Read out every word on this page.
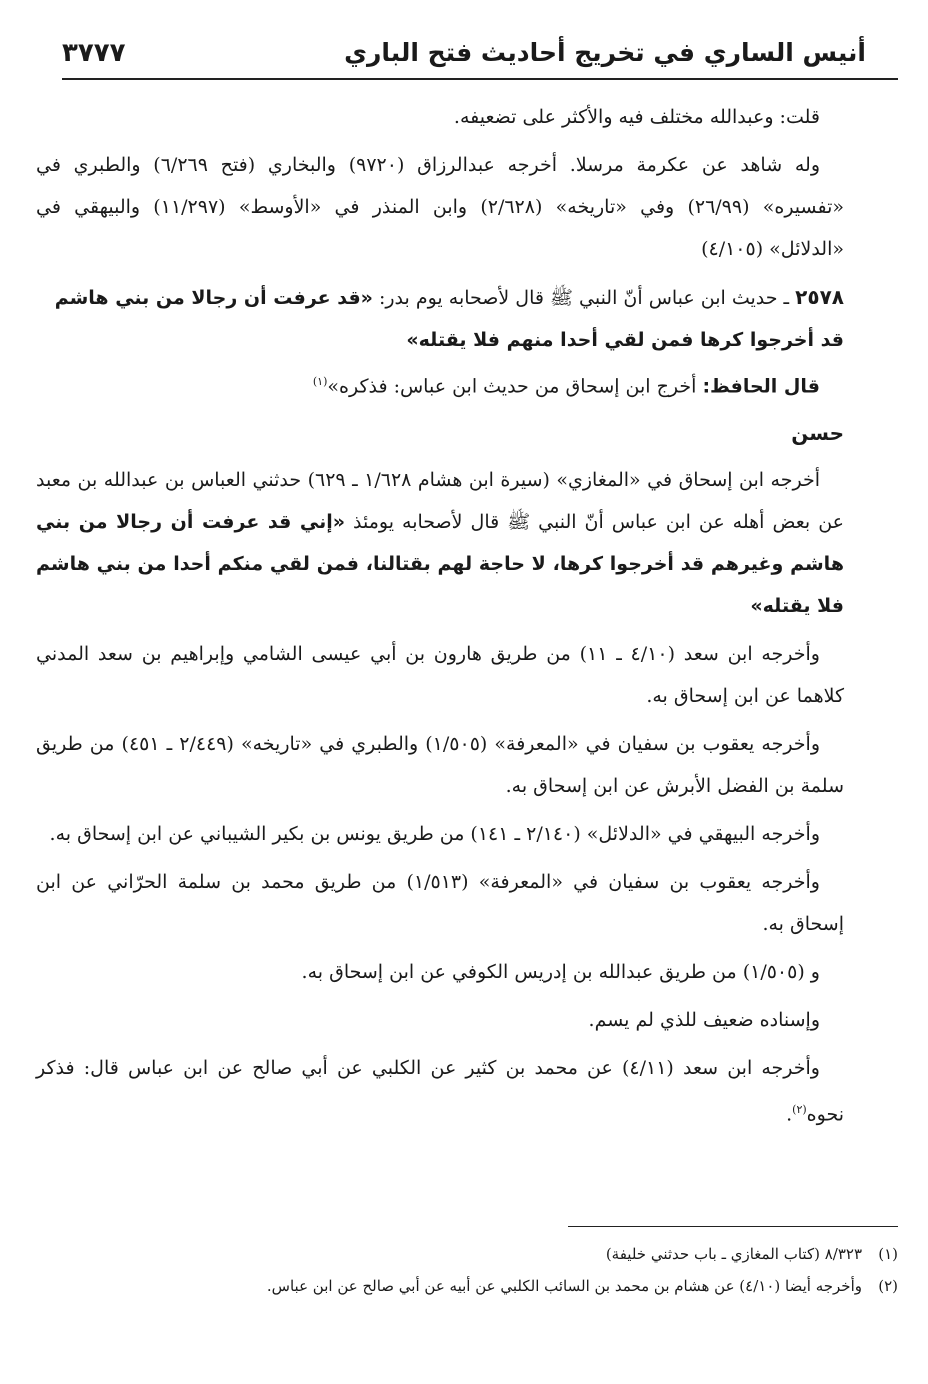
أنيس الساري في تخريج أحاديث فتح الباري
٣٧٧٧

قلت: وعبدالله مختلف فيه والأكثر على تضعيفه.

وله شاهد عن عكرمة مرسلا. أخرجه عبدالرزاق (٩٧٢٠) والبخاري (فتح ٦/٢٦٩) والطبري في «تفسيره» (٢٦/٩٩) وفي «تاريخه» (٢/٦٢٨) وابن المنذر في «الأوسط» (١١/٢٩٧) والبيهقي في «الدلائل» (٤/١٠٥)

٢٥٧٨ ـ حديث ابن عباس أنّ النبي ﷺ قال لأصحابه يوم بدر: «قد عرفت أن رجالا من بني هاشم قد أخرجوا كرها فمن لقي أحدا منهم فلا يقتله»

قال الحافظ: أخرج ابن إسحاق من حديث ابن عباس: فذكره»$^{(١)}$

حسن

أخرجه ابن إسحاق في «المغازي» (سيرة ابن هشام ١/٦٢٨ ـ ٦٢٩) حدثني العباس بن عبدالله بن معبد عن بعض أهله عن ابن عباس أنّ النبي ﷺ قال لأصحابه يومئذ «إني قد عرفت أن رجالا من بني هاشم وغيرهم قد أخرجوا كرها، لا حاجة لهم بقتالنا، فمن لقي منكم أحدا من بني هاشم فلا يقتله»

وأخرجه ابن سعد (٤/١٠ ـ ١١) من طريق هارون بن أبي عيسى الشامي وإبراهيم بن سعد المدني كلاهما عن ابن إسحاق به.

وأخرجه يعقوب بن سفيان في «المعرفة» (١/٥٠٥) والطبري في «تاريخه» (٢/٤٤٩ ـ ٤٥١) من طريق سلمة بن الفضل الأبرش عن ابن إسحاق به.

وأخرجه البيهقي في «الدلائل» (٢/١٤٠ ـ ١٤١) من طريق يونس بن بكير الشيباني عن ابن إسحاق به.

وأخرجه يعقوب بن سفيان في «المعرفة» (١/٥١٣) من طريق محمد بن سلمة الحرّاني عن ابن إسحاق به.

و (١/٥٠٥) من طريق عبدالله بن إدريس الكوفي عن ابن إسحاق به.

وإسناده ضعيف للذي لم يسم.

وأخرجه ابن سعد (٤/١١) عن محمد بن كثير عن الكلبي عن أبي صالح عن ابن عباس قال: فذكر نحوه$^{(٢)}$.

(١)٨/٣٢٣ (كتاب المغازي ـ باب حدثني خليفة)
(٢)وأخرجه أيضا (٤/١٠) عن هشام بن محمد بن السائب الكلبي عن أبيه عن أبي صالح عن ابن عباس.
